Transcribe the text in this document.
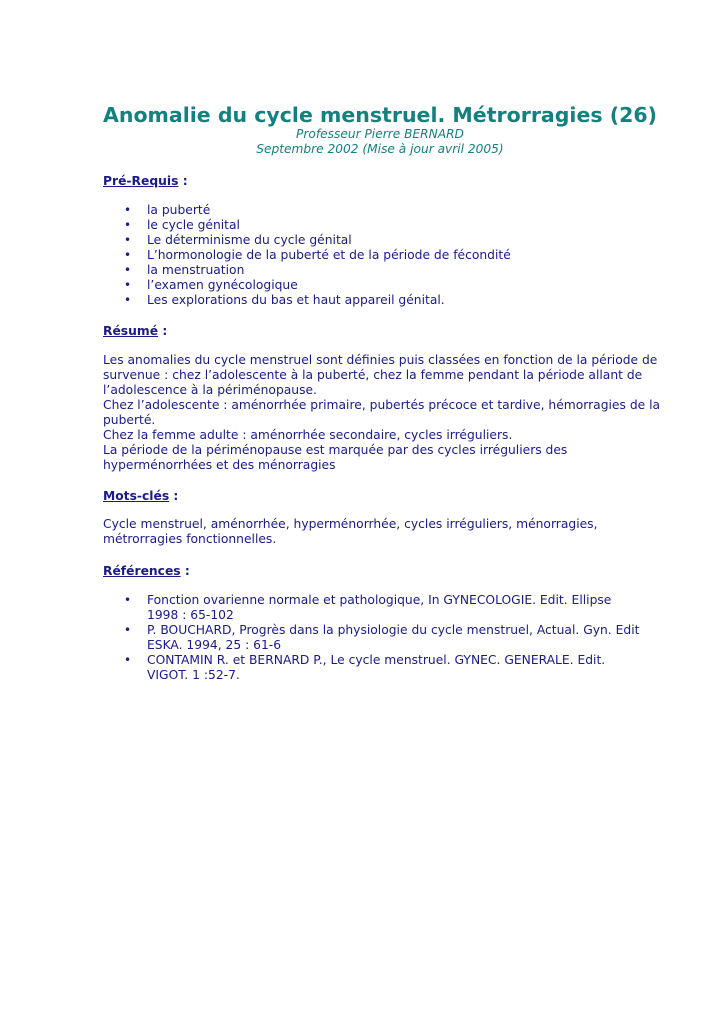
Anomalie du cycle menstruel. Métrorragies (26)
Professeur Pierre BERNARD
Septembre 2002 (Mise à jour avril 2005)
Pré-Requis :
• la puberté
• le cycle génital
• Le déterminisme du cycle génital
• L’hormonologie de la puberté et de la période de fécondité
• la menstruation
• l’examen gynécologique
• Les explorations du bas et haut appareil génital.
Résumé :

Les anomalies du cycle menstruel sont définies puis classées en fonction de la période de survenue : chez l’adolescente à la puberté, chez la femme pendant la période allant de l’adolescence à la périménopause.

Chez l’adolescente : aménorrhée primaire, pubertés précoce et tardive, hémorragies de la puberté.

Chez la femme adulte : aménorrhée secondaire, cycles irréguliers.

La période de la périménopause est marquée par des cycles irréguliers des hyperménorrhées et des ménorragies

Mots-clés :

Cycle menstruel, aménorrhée, hyperménorrhée, cycles irréguliers, ménorragies, métrorragies fonctionnelles.

Références :
• Fonction ovarienne normale et pathologique, In GYNECOLOGIE. Edit. Ellipse 1998 : 65-102
• P. BOUCHARD, Progrès dans la physiologie du cycle menstruel, Actual. Gyn. Edit ESKA. 1994, 25 : 61-6
• CONTAMIN R. et BERNARD P., Le cycle menstruel. GYNEC. GENERALE. Edit. VIGOT. 1 :52-7.
